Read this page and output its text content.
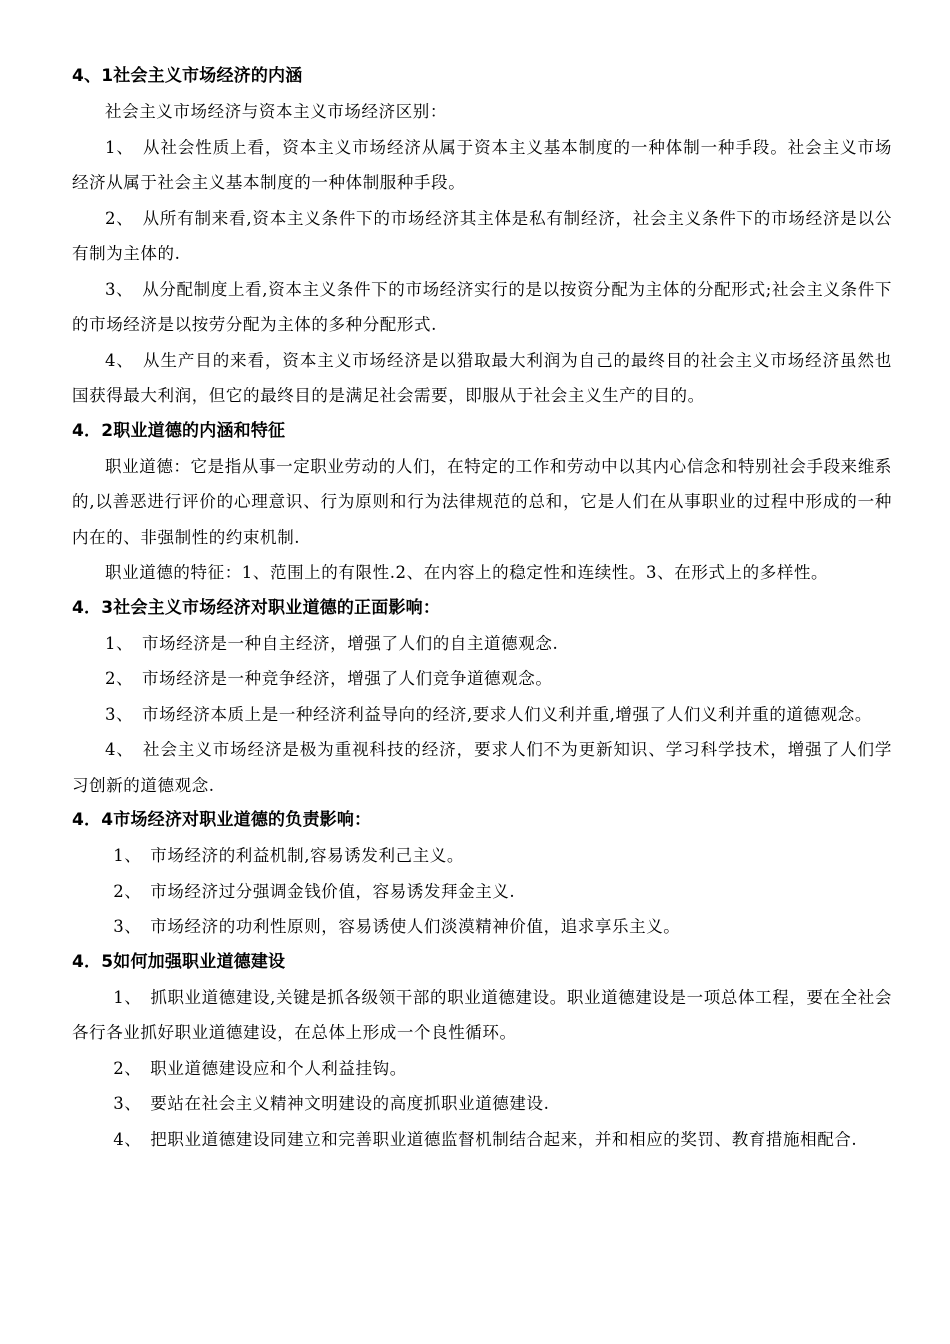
4、1社会主义市场经济的内涵

社会主义市场经济与资本主义市场经济区别：

1、　从社会性质上看，资本主义市场经济从属于资本主义基本制度的一种体制一种手段。社会主义市场经济从属于社会主义基本制度的一种体制服种手段。

2、　从所有制来看,资本主义条件下的市场经济其主体是私有制经济，社会主义条件下的市场经济是以公有制为主体的.

3、　从分配制度上看,资本主义条件下的市场经济实行的是以按资分配为主体的分配形式;社会主义条件下的市场经济是以按劳分配为主体的多种分配形式.

4、　从生产目的来看，资本主义市场经济是以猎取最大利润为自己的最终目的社会主义市场经济虽然也国获得最大利润，但它的最终目的是满足社会需要，即服从于社会主义生产的目的。

4．2职业道德的内涵和特征

职业道德：它是指从事一定职业劳动的人们，在特定的工作和劳动中以其内心信念和特别社会手段来维系的,以善恶进行评价的心理意识、行为原则和行为法律规范的总和，它是人们在从事职业的过程中形成的一种内在的、非强制性的约束机制.

职业道德的特征：1、范围上的有限性.2、在内容上的稳定性和连续性。3、在形式上的多样性。

4．3社会主义市场经济对职业道德的正面影响：

1、　市场经济是一种自主经济，增强了人们的自主道德观念.

2、　市场经济是一种竞争经济，增强了人们竞争道德观念。

3、　市场经济本质上是一种经济利益导向的经济,要求人们义利并重,增强了人们义利并重的道德观念。

4、　社会主义市场经济是极为重视科技的经济，要求人们不为更新知识、学习科学技术，增强了人们学习创新的道德观念.

4．4市场经济对职业道德的负责影响：

1、　市场经济的利益机制,容易诱发利己主义。

2、　市场经济过分强调金钱价值，容易诱发拜金主义.

3、　市场经济的功利性原则，容易诱使人们淡漠精神价值，追求享乐主义。

4．5如何加强职业道德建设

1、　抓职业道德建设,关键是抓各级领干部的职业道德建设。职业道德建设是一项总体工程，要在全社会各行各业抓好职业道德建设，在总体上形成一个良性循环。

2、　职业道德建设应和个人利益挂钩。

3、　要站在社会主义精神文明建设的高度抓职业道德建设.

4、　把职业道德建设同建立和完善职业道德监督机制结合起来，并和相应的奖罚、教育措施相配合.
